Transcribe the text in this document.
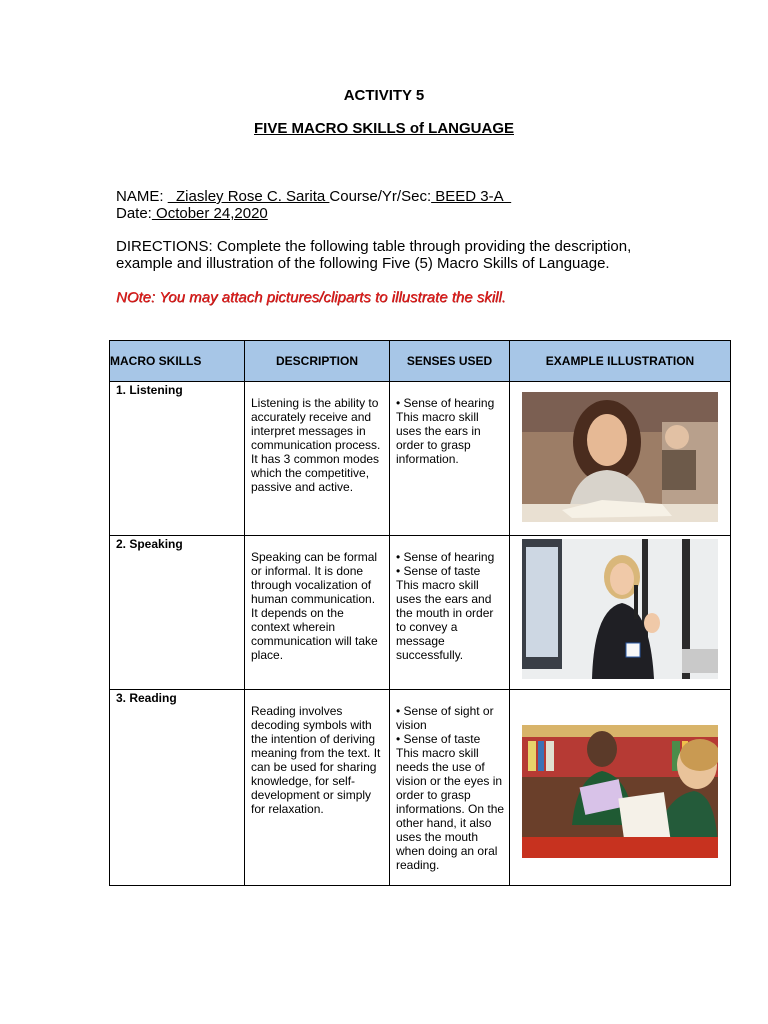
ACTIVITY 5
FIVE MACRO SKILLS of LANGUAGE
NAME:   Ziasley Rose C. Sarita Course/Yr/Sec: BEED 3-A
Date: October 24,2020
DIRECTIONS: Complete the following table through providing the description, example and illustration of the following Five (5) Macro Skills of Language.
NOte: You may attach pictures/cliparts to illustrate the skill.
MACRO SKILLS	DESCRIPTION	SENSES USED	EXAMPLE ILLUSTRATION

1. Listening	Listening is the ability to accurately receive and interpret messages in communication process. It has 3 common modes which the competitive, passive and active.	• Sense of hearing
This macro skill uses the ears in order to grasp information.

2. Speaking	Speaking can be formal or informal. It is done through vocalization of human communication. It depends on the context wherein communication will take place.	• Sense of hearing
• Sense of taste
This macro skill uses the ears and the mouth in order to convey a message successfully.

3. Reading	Reading involves decoding symbols with the intention of deriving meaning from the text. It can be used for sharing knowledge, for self-development or simply for relaxation.	• Sense of sight or vision
• Sense of taste
This macro skill needs the use of vision or the eyes in order to grasp informations. On the other hand, it also uses the mouth when doing an oral reading.
